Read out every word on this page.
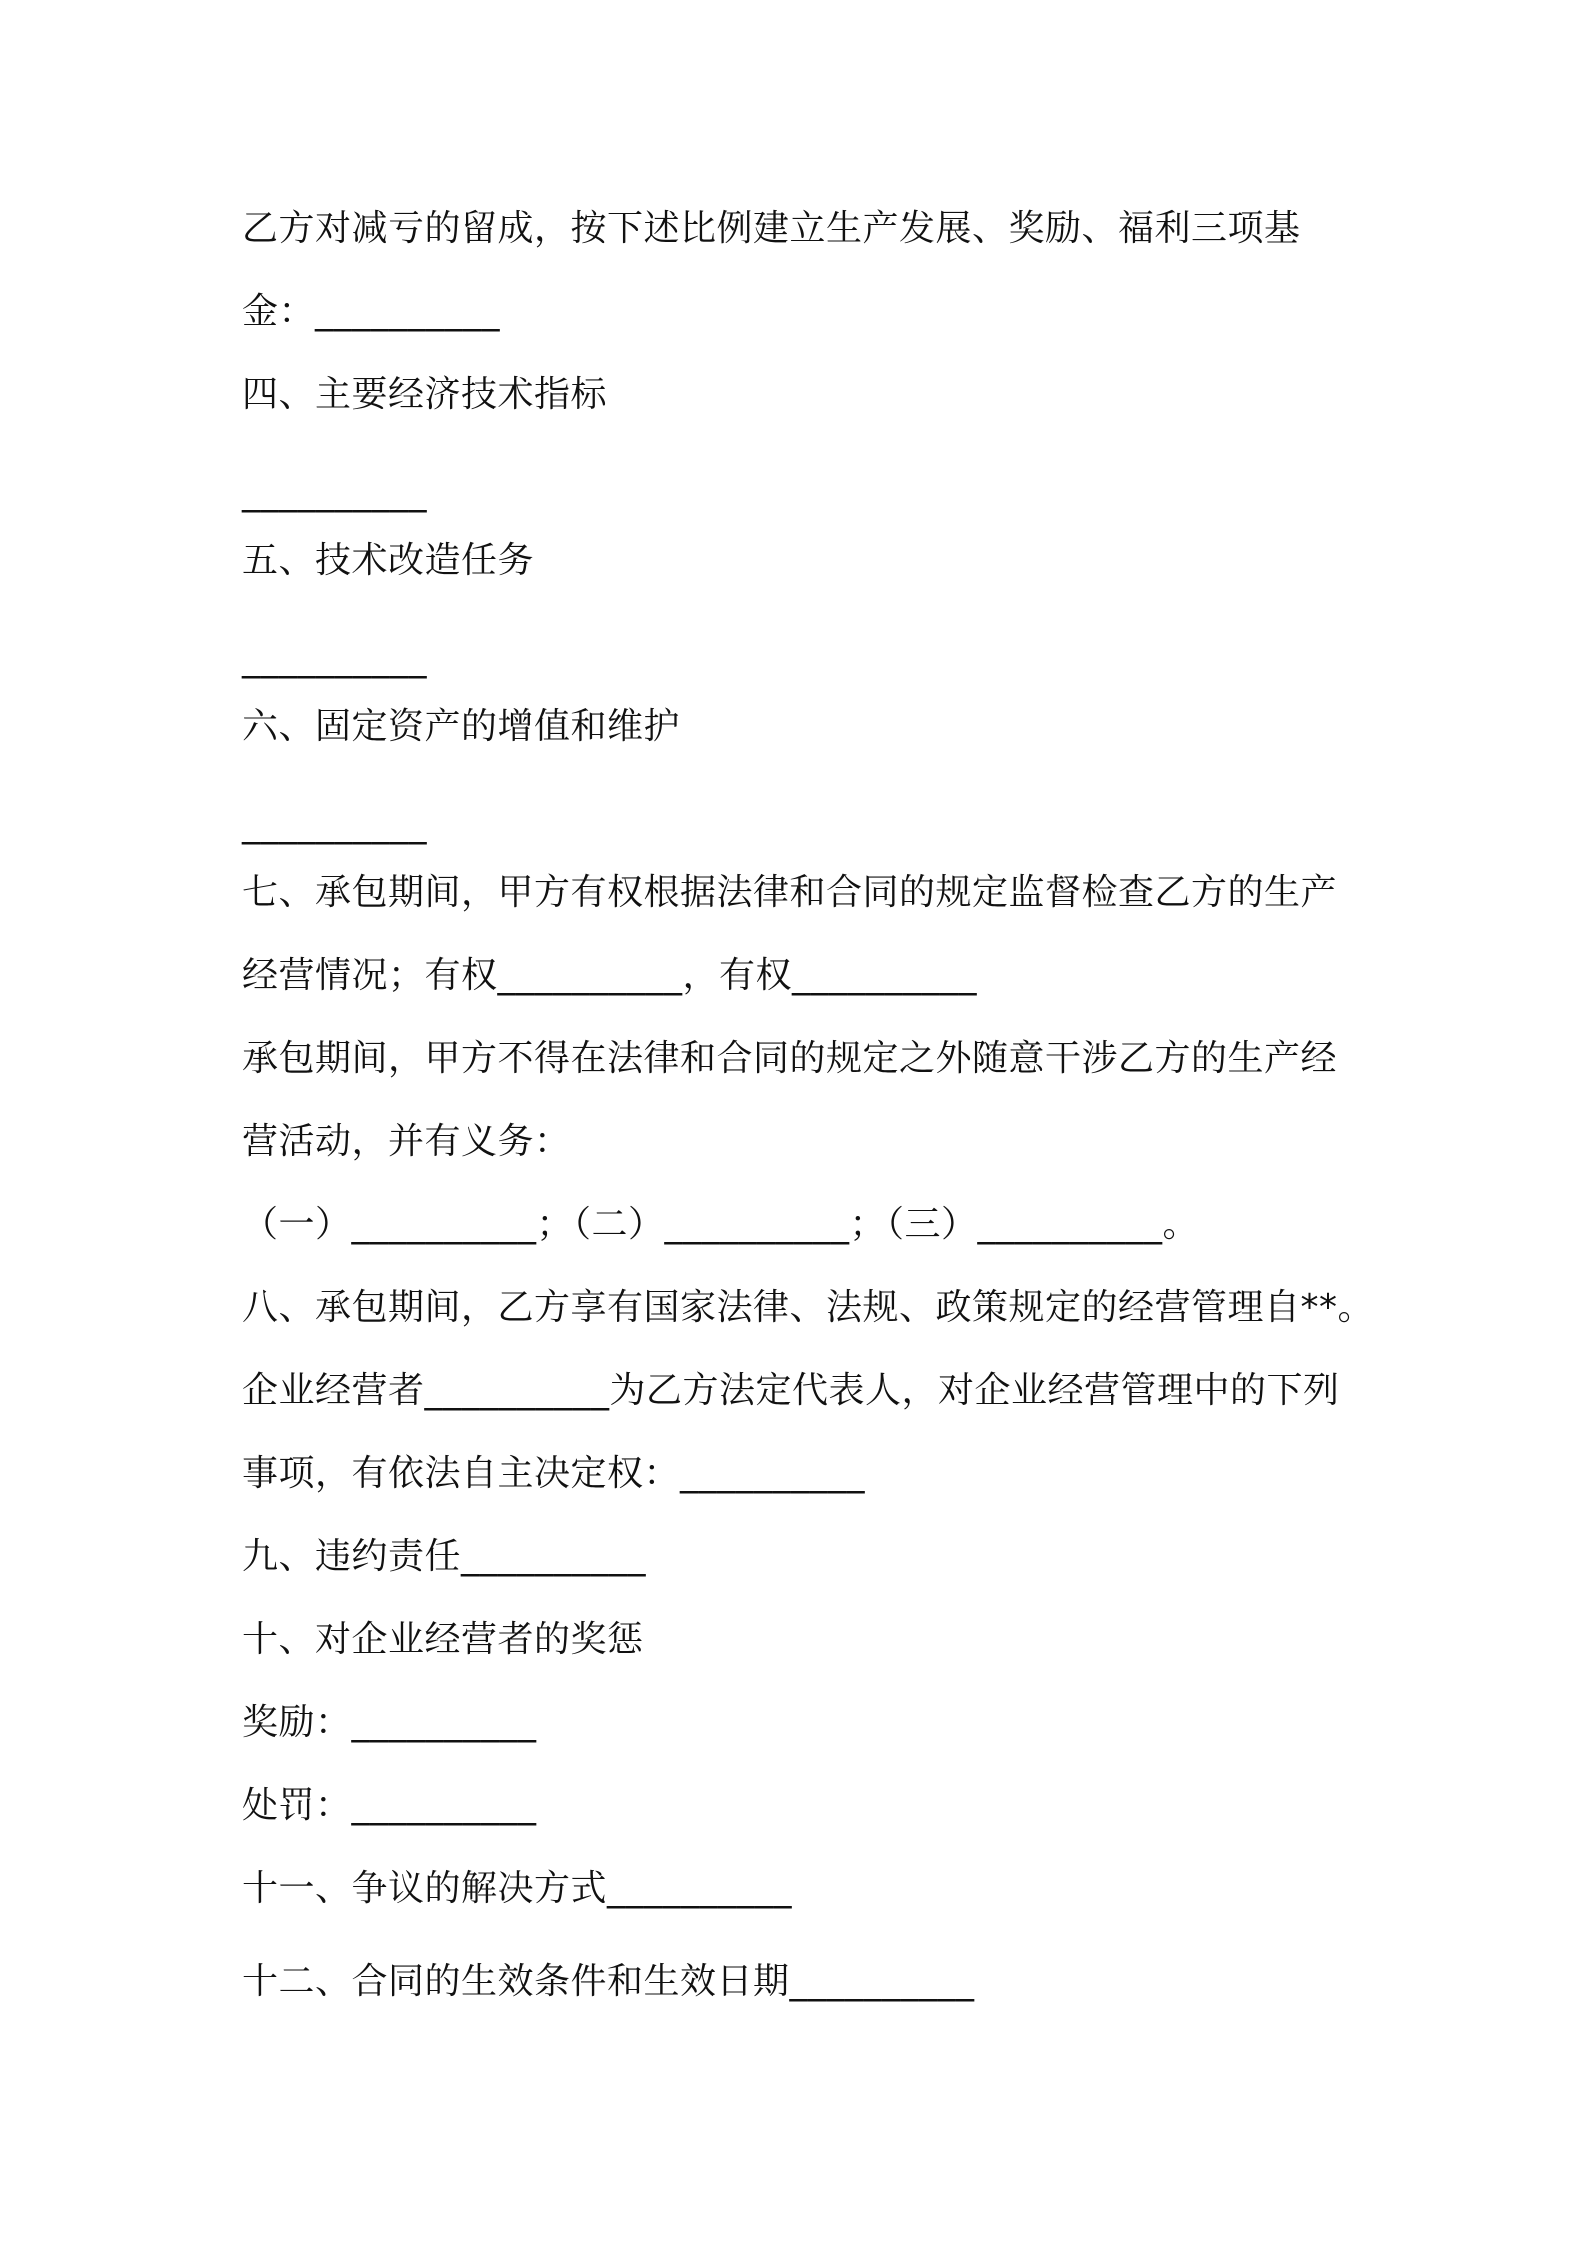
乙方对减亏的留成，按下述比例建立生产发展、奖励、福利三项基
金：__________
四、主要经济技术指标
__________
五、技术改造任务
__________
六、固定资产的增值和维护
__________
七、承包期间，甲方有权根据法律和合同的规定监督检查乙方的生产
经营情况；有权__________，有权__________
承包期间，甲方不得在法律和合同的规定之外随意干涉乙方的生产经
营活动，并有义务：
（一）__________；（二）__________；（三）__________。
八、承包期间，乙方享有国家法律、法规、政策规定的经营管理自**。
企业经营者__________为乙方法定代表人，对企业经营管理中的下列
事项，有依法自主决定权：__________
九、违约责任__________
十、对企业经营者的奖惩
奖励：__________
处罚：__________
十一、争议的解决方式__________
十二、合同的生效条件和生效日期__________
